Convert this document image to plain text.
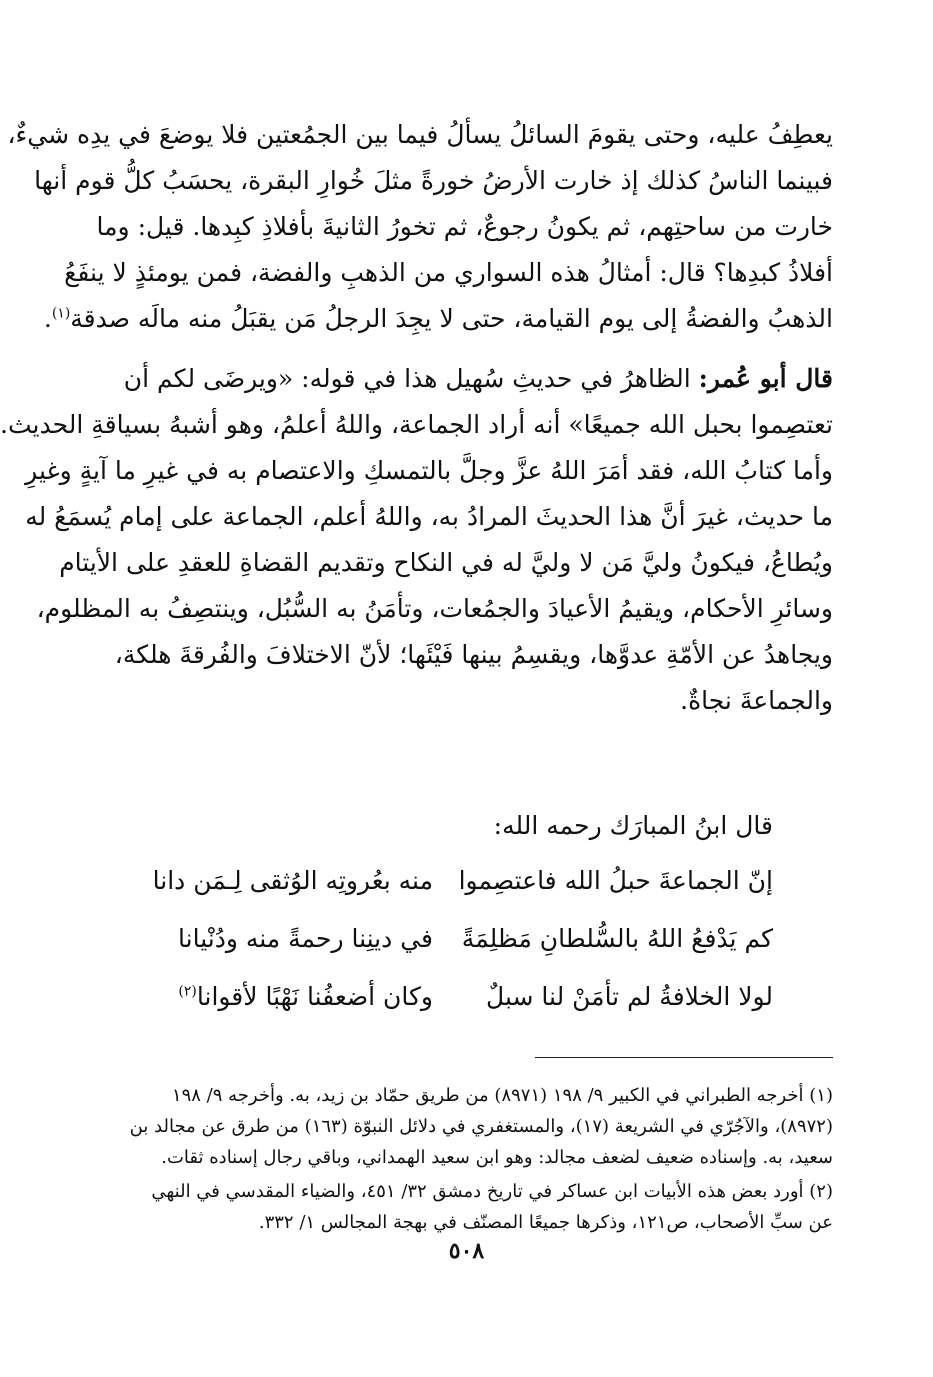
يعطِفُ عليه، وحتى يقومَ السائلُ يسألُ فيما بين الجمُعتين فلا يوضعَ في يدِه شيءٌ،
فبينما الناسُ كذلك إذ خارت الأرضُ خورةً مثلَ خُوارِ البقرة، يحسَبُ كلُّ قوم أنها
خارت من ساحتِهم، ثم يكونُ رجوعٌ، ثم تخورُ الثانيةَ بأفلاذِ كبِدها. قيل: وما
أفلاذُ كبدِها؟ قال: أمثالُ هذه السواري من الذهبِ والفضة، فمن يومئذٍ لا ينفَعُ
الذهبُ والفضةُ إلى يوم القيامة، حتى لا يجِدَ الرجلُ مَن يقبَلُ منه مالَه صدقة$^{(١)}$.
قال أبو عُمر: الظاهرُ في حديثِ سُهيل هذا في قوله: «ويرضَى لكم أن
تعتصِموا بحبل الله جميعًا» أنه أراد الجماعة، واللهُ أعلمُ، وهو أشبهُ بسياقةِ الحديث.
وأما كتابُ الله، فقد أمَرَ اللهُ عزَّ وجلَّ بالتمسكِ والاعتصام به في غيرِ ما آيةٍ وغيرِ
ما حديث، غيرَ أنَّ هذا الحديثَ المرادُ به، واللهُ أعلم، الجماعة على إمام يُسمَعُ له
ويُطاعُ، فيكونُ وليَّ مَن لا وليَّ له في النكاح وتقديم القضاةِ للعقدِ على الأيتام
وسائرِ الأحكام، ويقيمُ الأعيادَ والجمُعات، وتأمَنُ به السُّبُل، وينتصِفُ به المظلوم،
ويجاهدُ عن الأمّةِ عدوَّها، ويقسِمُ بينها فَيْئَها؛ لأنّ الاختلافَ والفُرقةَ هلكة،
والجماعةَ نجاةٌ.
قال ابنُ المبارَك رحمه الله:
إنّ الجماعةَ حبلُ الله فاعتصِموا
منه بعُروتِه الوُثقى لِـمَن دانا
كم يَدْفعُ اللهُ بالسُّلطانِ مَظلِمَةً
في دينِنا رحمةً منه ودُنْيانا
لولا الخلافةُ لم تأمَنْ لنا سبلٌ
وكان أضعفُنا نَهْبًا لأقوانا$^{(٢)}$
(١) أخرجه الطبراني في الكبير ٩/ ١٩٨ (٨٩٧١) من طريق حمّاد بن زيد، به. وأخرجه ٩/ ١٩٨
(٨٩٧٢)، والآجُرّي في الشريعة (١٧)، والمستغفري في دلائل النبوّة (١٦٣) من طرق عن مجالد بن
سعيد، به. وإسناده ضعيف لضعف مجالد: وهو ابن سعيد الهمداني، وباقي رجال إسناده ثقات.
(٢) أورد بعض هذه الأبيات ابن عساكر في تاريخ دمشق ٣٢/ ٤٥١، والضياء المقدسي في النهي
عن سبِّ الأصحاب، ص١٢١، وذكرها جميعًا المصنّف في بهجة المجالس ١/ ٣٣٢.
٥٠٨
